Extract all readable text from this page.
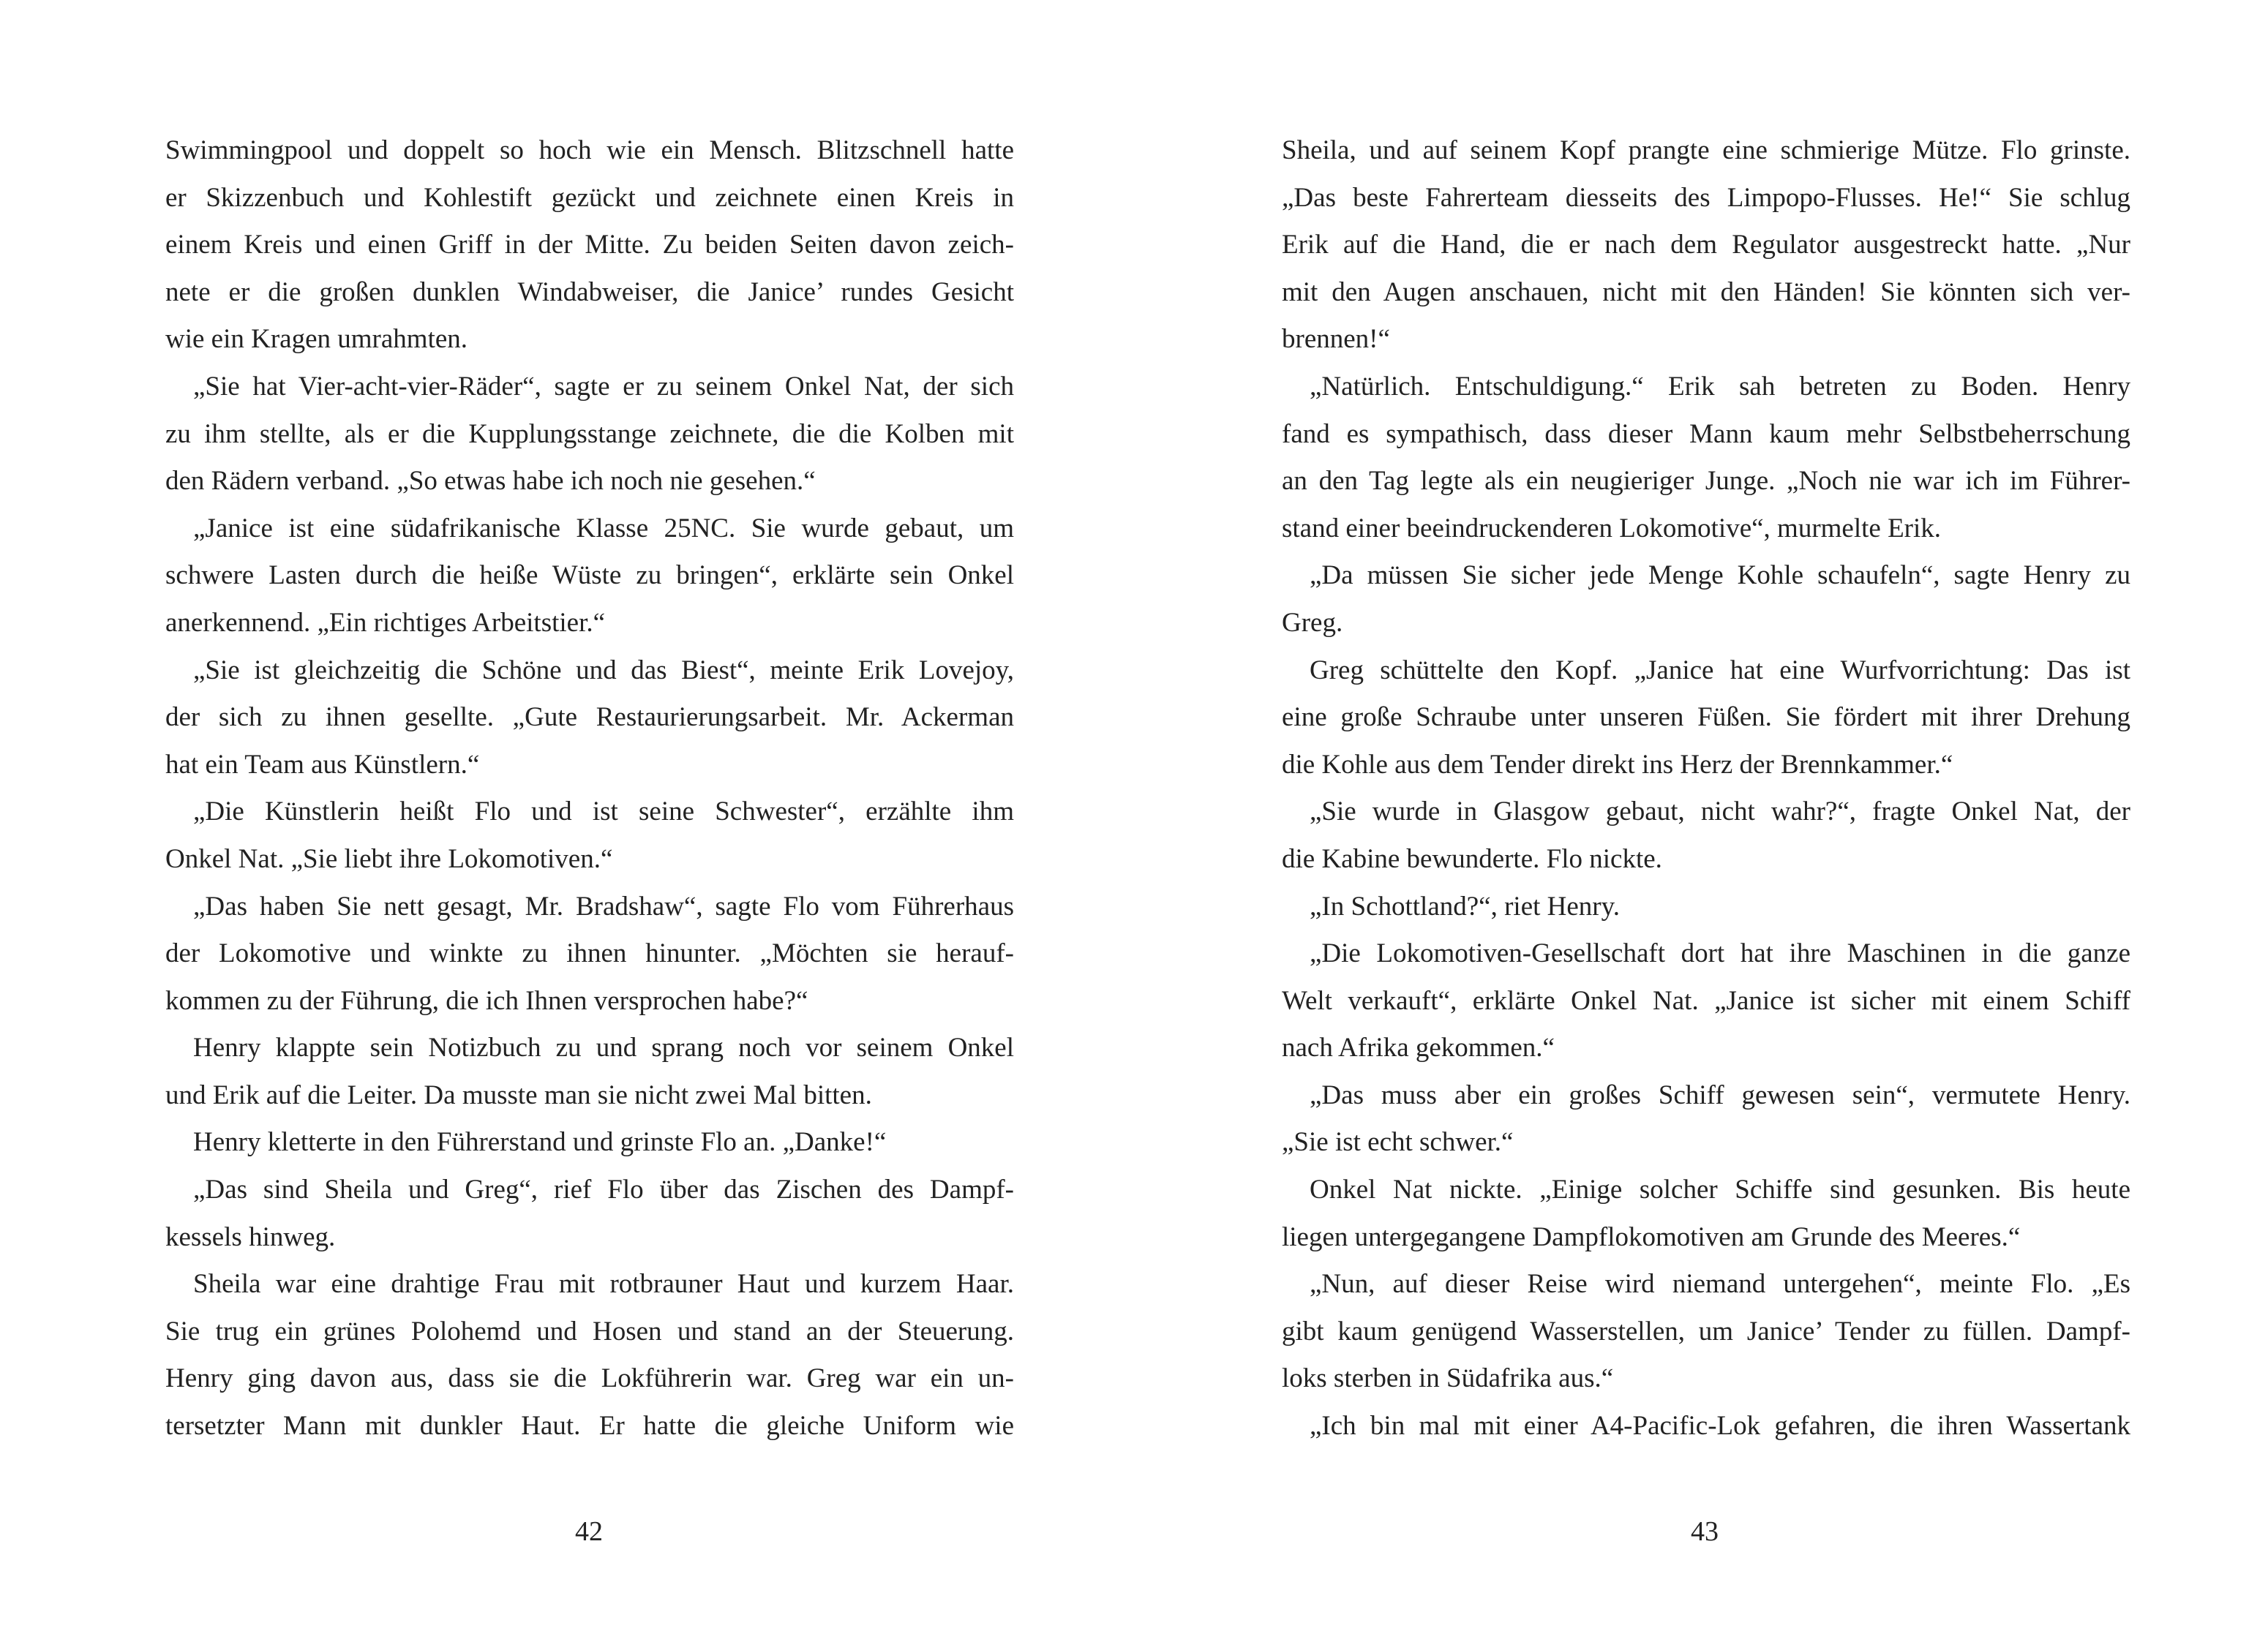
Swimmingpool und doppelt so hoch wie ein Mensch. Blitzschnell hatte
er Skizzenbuch und Kohlestift gezückt und zeichnete einen Kreis in
einem Kreis und einen Griff in der Mitte. Zu beiden Seiten davon zeich-
nete er die großen dunklen Windabweiser, die Janice’ rundes Gesicht
wie ein Kragen umrahmten.
„Sie hat Vier-acht-vier-Räder“, sagte er zu seinem Onkel Nat, der sich
zu ihm stellte, als er die Kupplungsstange zeichnete, die die Kolben mit
den Rädern verband. „So etwas habe ich noch nie gesehen.“
„Janice ist eine südafrikanische Klasse 25NC. Sie wurde gebaut, um
schwere Lasten durch die heiße Wüste zu bringen“, erklärte sein Onkel
anerkennend. „Ein richtiges Arbeitstier.“
„Sie ist gleichzeitig die Schöne und das Biest“, meinte Erik Lovejoy,
der sich zu ihnen gesellte. „Gute Restaurierungsarbeit. Mr. Ackerman
hat ein Team aus Künstlern.“
„Die Künstlerin heißt Flo und ist seine Schwester“, erzählte ihm
Onkel Nat. „Sie liebt ihre Lokomotiven.“
„Das haben Sie nett gesagt, Mr. Bradshaw“, sagte Flo vom Führerhaus
der Lokomotive und winkte zu ihnen hinunter. „Möchten sie herauf-
kommen zu der Führung, die ich Ihnen versprochen habe?“
Henry klappte sein Notizbuch zu und sprang noch vor seinem Onkel
und Erik auf die Leiter. Da musste man sie nicht zwei Mal bitten.
Henry kletterte in den Führerstand und grinste Flo an. „Danke!“
„Das sind Sheila und Greg“, rief Flo über das Zischen des Dampf-
kessels hinweg.
Sheila war eine drahtige Frau mit rotbrauner Haut und kurzem Haar.
Sie trug ein grünes Polohemd und Hosen und stand an der Steuerung.
Henry ging davon aus, dass sie die Lokführerin war. Greg war ein un-
tersetzter Mann mit dunkler Haut. Er hatte die gleiche Uniform wie
42
Sheila, und auf seinem Kopf prangte eine schmierige Mütze. Flo grinste.
„Das beste Fahrerteam diesseits des Limpopo-Flusses. He!“ Sie schlug
Erik auf die Hand, die er nach dem Regulator ausgestreckt hatte. „Nur
mit den Augen anschauen, nicht mit den Händen! Sie könnten sich ver-
brennen!“
„Natürlich. Entschuldigung.“ Erik sah betreten zu Boden. Henry
fand es sympathisch, dass dieser Mann kaum mehr Selbstbeherrschung
an den Tag legte als ein neugieriger Junge. „Noch nie war ich im Führer-
stand einer beeindruckenderen Lokomotive“, murmelte Erik.
„Da müssen Sie sicher jede Menge Kohle schaufeln“, sagte Henry zu
Greg.
Greg schüttelte den Kopf. „Janice hat eine Wurfvorrichtung: Das ist
eine große Schraube unter unseren Füßen. Sie fördert mit ihrer Drehung
die Kohle aus dem Tender direkt ins Herz der Brennkammer.“
„Sie wurde in Glasgow gebaut, nicht wahr?“, fragte Onkel Nat, der
die Kabine bewunderte. Flo nickte.
„In Schottland?“, riet Henry.
„Die Lokomotiven-Gesellschaft dort hat ihre Maschinen in die ganze
Welt verkauft“, erklärte Onkel Nat. „Janice ist sicher mit einem Schiff
nach Afrika gekommen.“
„Das muss aber ein großes Schiff gewesen sein“, vermutete Henry.
„Sie ist echt schwer.“
Onkel Nat nickte. „Einige solcher Schiffe sind gesunken. Bis heute
liegen untergegangene Dampflokomotiven am Grunde des Meeres.“
„Nun, auf dieser Reise wird niemand untergehen“, meinte Flo. „Es
gibt kaum genügend Wasserstellen, um Janice’ Tender zu füllen. Dampf-
loks sterben in Südafrika aus.“
„Ich bin mal mit einer A4-Pacific-Lok gefahren, die ihren Wassertank
43
